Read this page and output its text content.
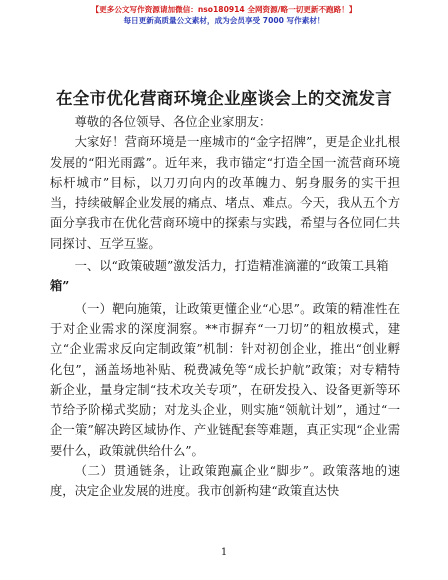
【更多公文写作资源请加微信：nso180914 全网资源/略一切更新不跑路！】
每日更新高质量公文素材，成为会员享受 7000 写作素材！
在全市优化营商环境企业座谈会上的交流发言

尊敬的各位领导、各位企业家朋友：

大家好！营商环境是一座城市的“金字招牌”，更是企业扎根发展的“阳光雨露”。近年来，我市锚定“打造全国一流营商环境标杆城市”目标，以刀刃向内的改革魄力、躬身服务的实干担当，持续破解企业发展的痛点、堵点、难点。今天，我从五个方面分享我市在优化营商环境中的探索与实践，希望与各位同仁共同探讨、互学互鉴。

一、以“政策破题”激发活力，打造精准滴灌的“政策工具箱
箱”

（一）靶向施策，让政策更懂企业“心思”。政策的精准性在于对企业需求的深度洞察。**市摒弃“一刀切”的粗放模式，建立“企业需求反向定制政策”机制：针对初创企业，推出“创业孵化包”，涵盖场地补贴、税费减免等“成长护航”政策；对专精特新企业，量身定制“技术攻关专项”，在研发投入、设备更新等环节给予阶梯式奖励；对龙头企业，则实施“领航计划”，通过“一企一策”解决跨区域协作、产业链配套等难题，真正实现“企业需要什么，政策就供给什么”。

（二）贯通链条，让政策跑赢企业“脚步”。政策落地的速度，决定企业发展的进度。我市创新构建“政策直达快

1
